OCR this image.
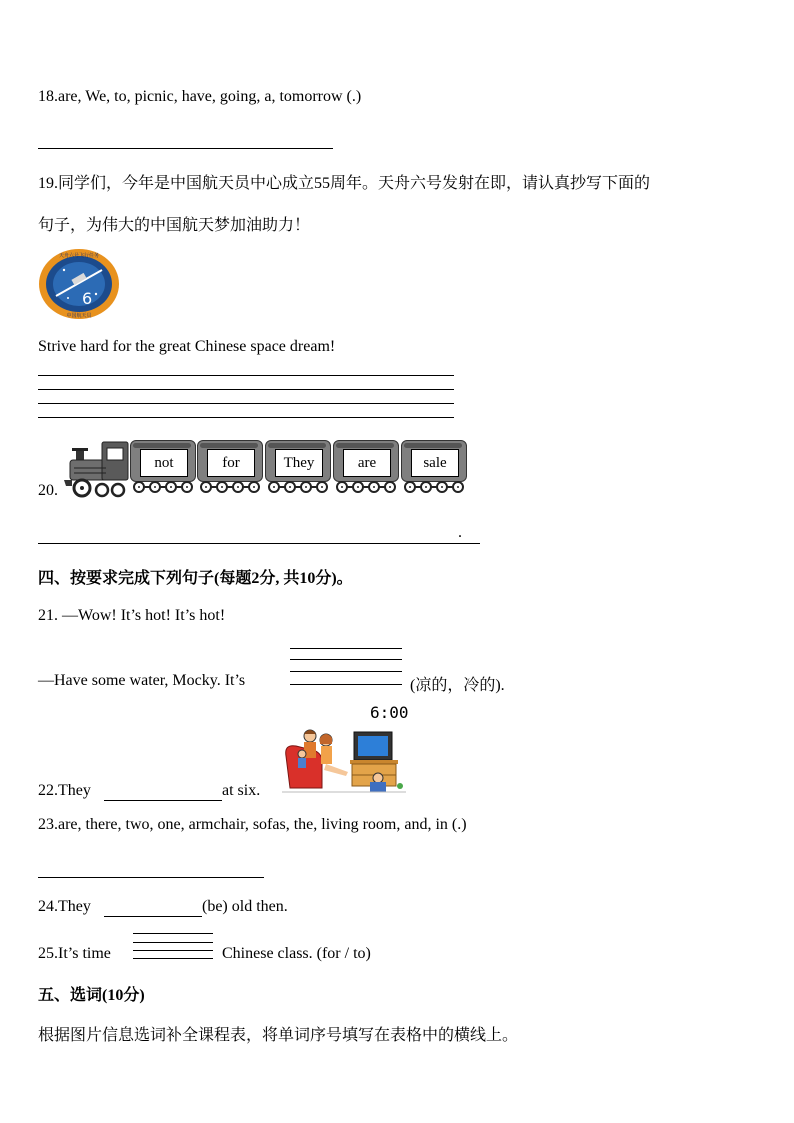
18.are, We, to, picnic, have, going, a, tomorrow (.)
19.同学们，今年是中国航天员中心成立55周年。天舟六号发射在即，请认真抄写下面的
句子，为伟大的中国航天梦加油助力！
6
天舟六号飞行任务
中国航天员
Strive hard for the great Chinese space dream!
20.
not	for	They	are	sale
.
四、按要求完成下列句子(每题2分, 共10分)。
21. —Wow! It’s hot! It’s hot!
—Have some water, Mocky. It’s	(凉的，冷的).
6:00
22.They	at six.
23.are, there, two, one, armchair, sofas, the, living room, and, in (.)
24.They	(be) old then.
25.It’s time	Chinese class. (for / to)
五、选词(10分)
根据图片信息选词补全课程表，将单词序号填写在表格中的横线上。
